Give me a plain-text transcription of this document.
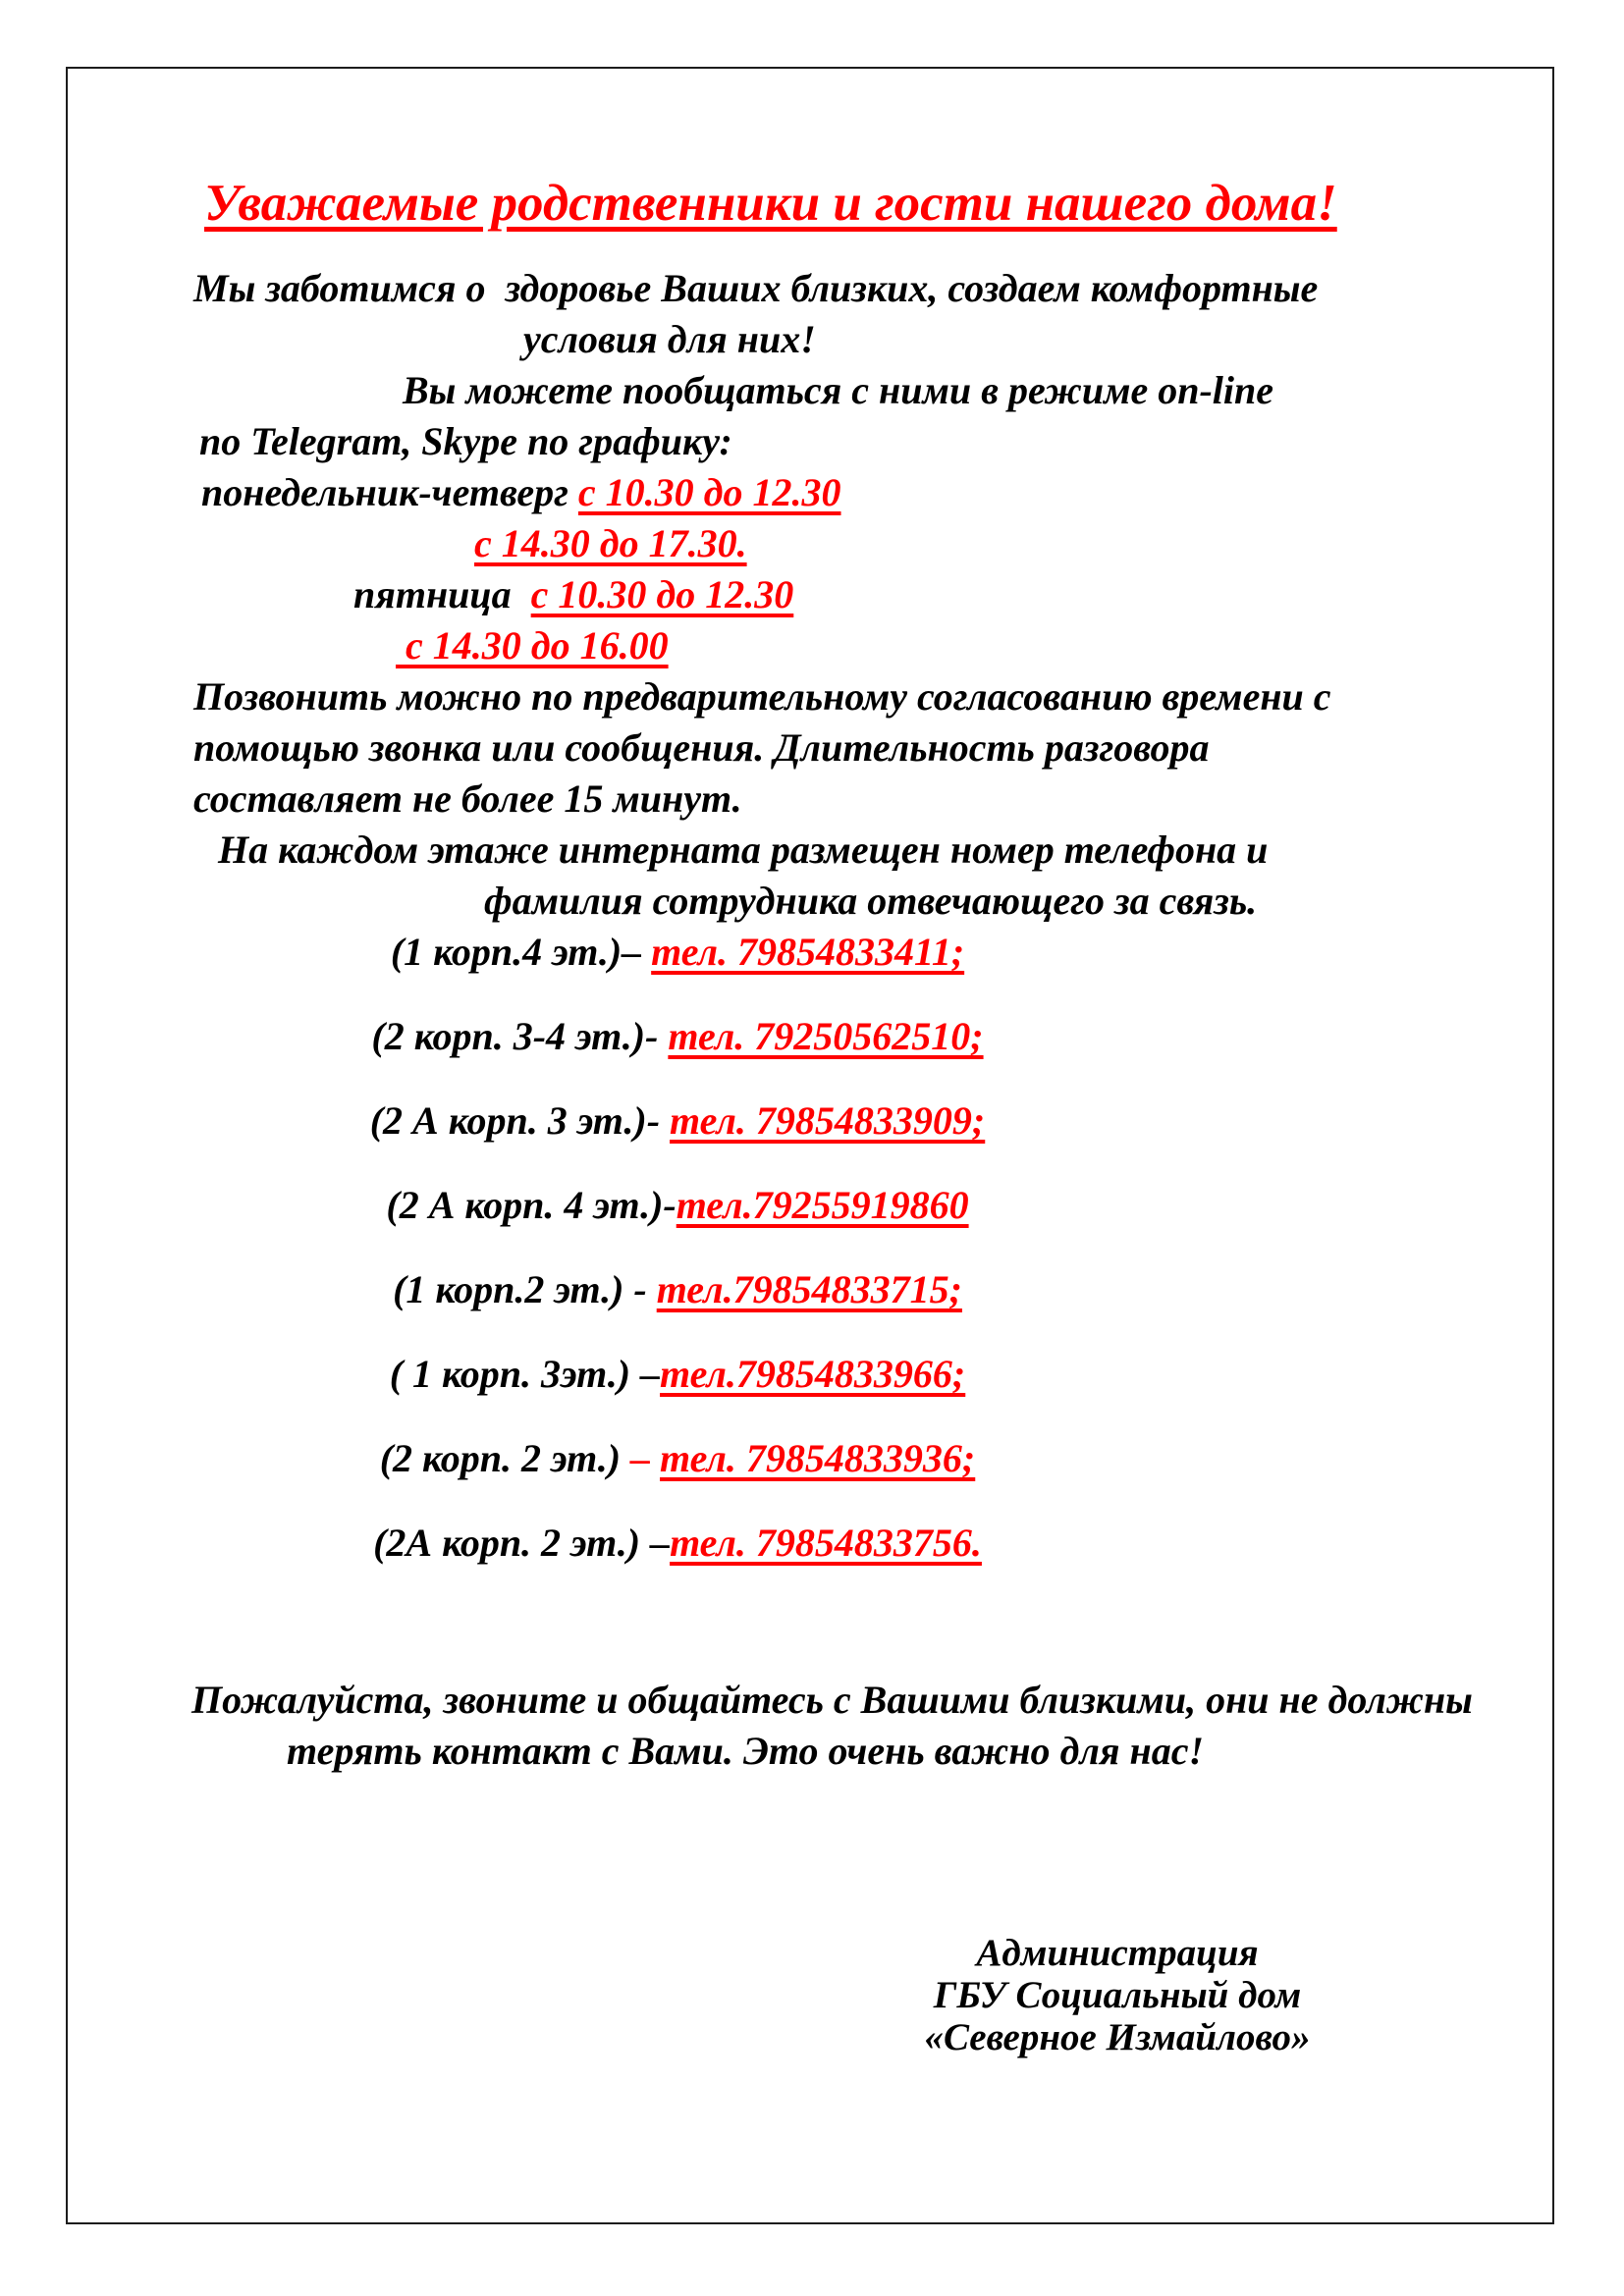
Уважаемые родственники и гости нашего дома!
Мы заботимся о  здоровье Ваших близких, создаем комфортные
условия для них!
Вы можете пообщаться с ними в режиме on-line
по Telegram, Skype по графику:
понедельник-четверг с 10.30 до 12.30
с 14.30 до 17.30.
пятница  с 10.30 до 12.30
с 14.30 до 16.00
Позвонить можно по предварительному согласованию времени с
помощью звонка или сообщения. Длительность разговора
составляет не более 15 минут.
На каждом этаже интерната размещен номер телефона и
фамилия сотрудника отвечающего за связь.
(1 корп.4 эт.)– тел. 79854833411;
(2 корп. 3-4 эт.)- тел. 79250562510;
(2 А корп. 3 эт.)- тел. 79854833909;
(2 А корп. 4 эт.)-тел.79255919860
(1 корп.2 эт.) - тел.79854833715;
( 1 корп. 3эт.) –тел.79854833966;
(2 корп. 2 эт.) – тел. 79854833936;
(2А корп. 2 эт.) –тел. 79854833756.
Пожалуйста, звоните и общайтесь с Вашими близкими, они не должны
терять контакт с Вами. Это очень важно для нас!
Администрация
ГБУ Социальный дом
«Северное Измайлово»
